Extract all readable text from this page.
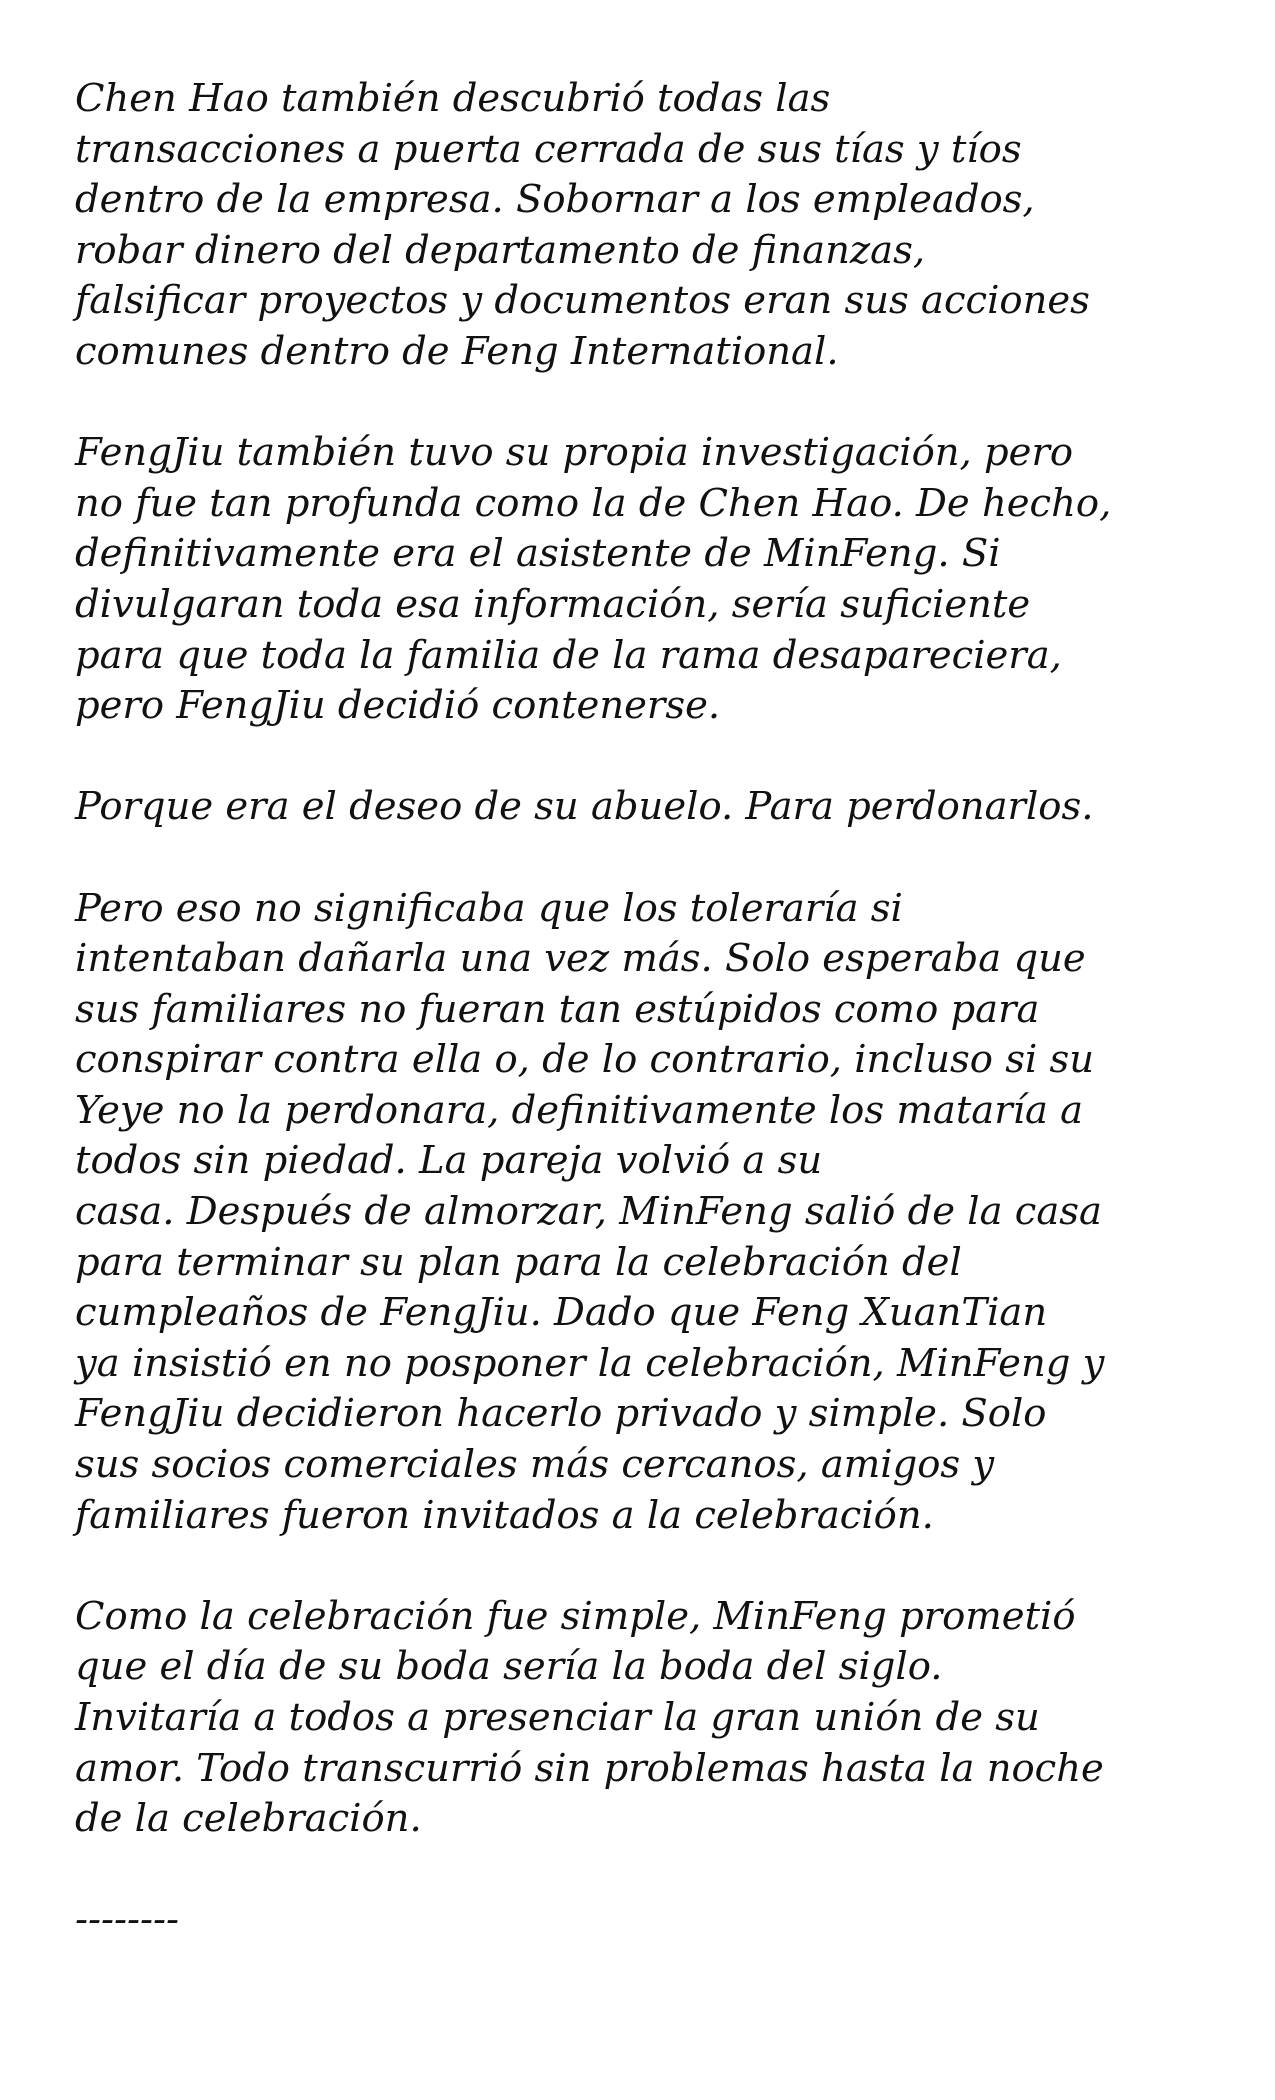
Chen Hao también descubrió todas las
transacciones a puerta cerrada de sus tías y tíos
dentro de la empresa. Sobornar a los empleados,
robar dinero del departamento de finanzas,
falsificar proyectos y documentos eran sus acciones
comunes dentro de Feng International.

FengJiu también tuvo su propia investigación, pero
no fue tan profunda como la de Chen Hao. De hecho,
definitivamente era el asistente de MinFeng. Si
divulgaran toda esa información, sería suficiente
para que toda la familia de la rama desapareciera,
pero FengJiu decidió contenerse.

Porque era el deseo de su abuelo. Para perdonarlos.

Pero eso no significaba que los toleraría si
intentaban dañarla una vez más. Solo esperaba que
sus familiares no fueran tan estúpidos como para
conspirar contra ella o, de lo contrario, incluso si su
Yeye no la perdonara, definitivamente los mataría a
todos sin piedad. La pareja volvió a su
casa. Después de almorzar, MinFeng salió de la casa
para terminar su plan para la celebración del
cumpleaños de FengJiu. Dado que Feng XuanTian
ya insistió en no posponer la celebración, MinFeng y
FengJiu decidieron hacerlo privado y simple. Solo
sus socios comerciales más cercanos, amigos y
familiares fueron invitados a la celebración.

Como la celebración fue simple, MinFeng prometió
que el día de su boda sería la boda del siglo.
Invitaría a todos a presenciar la gran unión de su
amor. Todo transcurrió sin problemas hasta la noche
de la celebración.

--------
